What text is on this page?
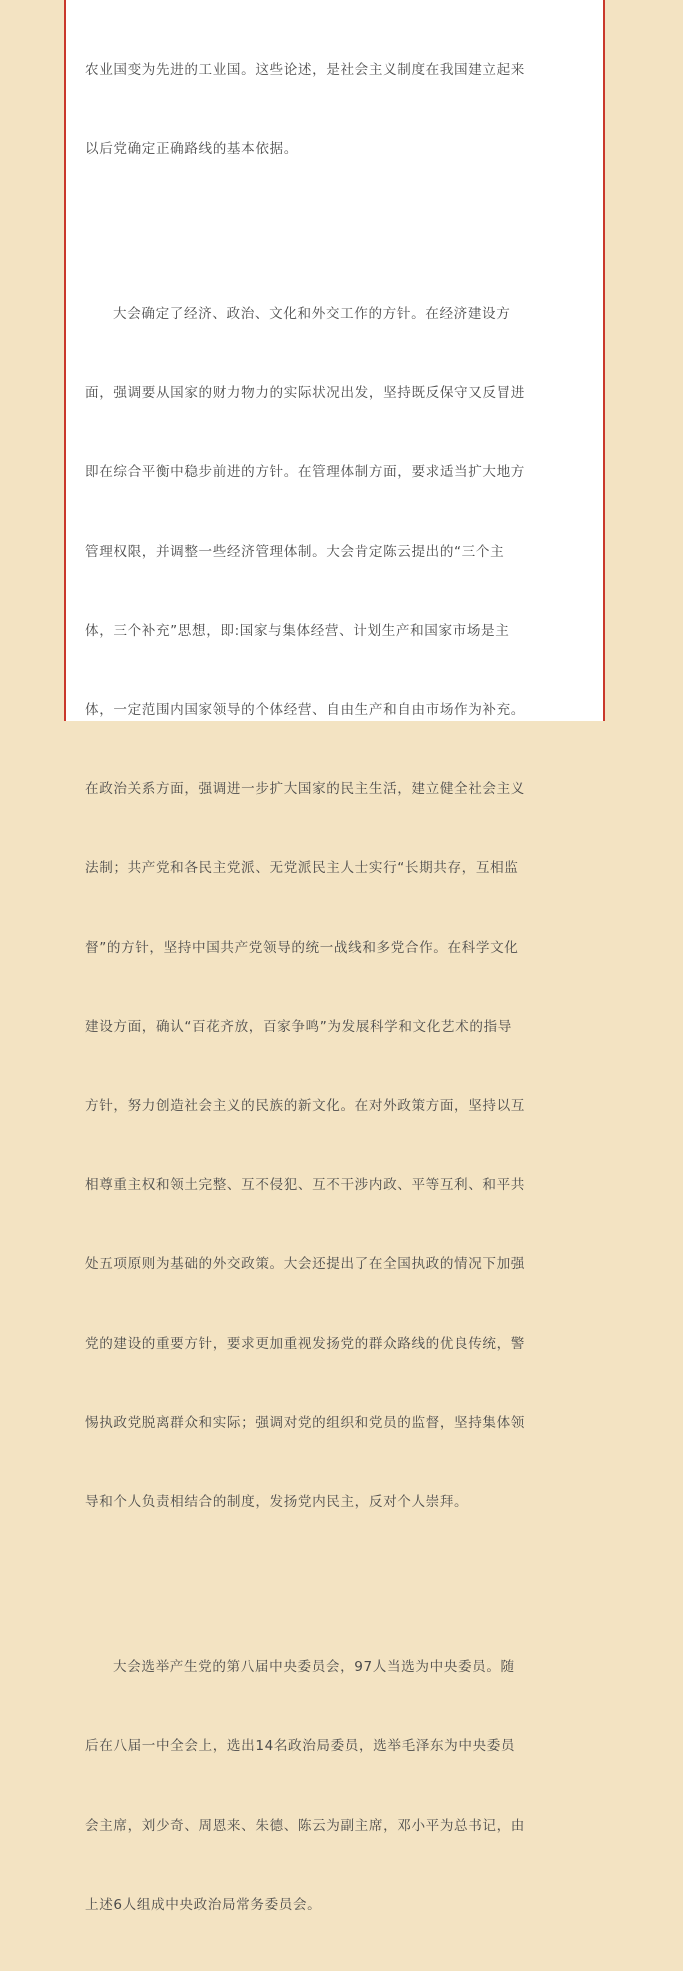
农业国变为先进的工业国。这些论述，是社会主义制度在我国建立起来

以后党确定正确路线的基本依据。

大会确定了经济、政治、文化和外交工作的方针。在经济建设方

面，强调要从国家的财力物力的实际状况出发，坚持既反保守又反冒进

即在综合平衡中稳步前进的方针。在管理体制方面，要求适当扩大地方

管理权限，并调整一些经济管理体制。大会肯定陈云提出的“三个主

体，三个补充”思想，即:国家与集体经营、计划生产和国家市场是主

体，一定范围内国家领导的个体经营、自由生产和自由市场作为补充。

在政治关系方面，强调进一步扩大国家的民主生活，建立健全社会主义

法制；共产党和各民主党派、无党派民主人士实行“长期共存，互相监

督”的方针，坚持中国共产党领导的统一战线和多党合作。在科学文化

建设方面，确认“百花齐放，百家争鸣”为发展科学和文化艺术的指导

方针，努力创造社会主义的民族的新文化。在对外政策方面，坚持以互

相尊重主权和领土完整、互不侵犯、互不干涉内政、平等互利、和平共

处五项原则为基础的外交政策。大会还提出了在全国执政的情况下加强

党的建设的重要方针，要求更加重视发扬党的群众路线的优良传统，警

惕执政党脱离群众和实际；强调对党的组织和党员的监督，坚持集体领

导和个人负责相结合的制度，发扬党内民主，反对个人崇拜。

大会选举产生党的第八届中央委员会，97人当选为中央委员。随

后在八届一中全会上，选出14名政治局委员，选举毛泽东为中央委员

会主席，刘少奇、周恩来、朱德、陈云为副主席，邓小平为总书记，由

上述6人组成中央政治局常务委员会。
